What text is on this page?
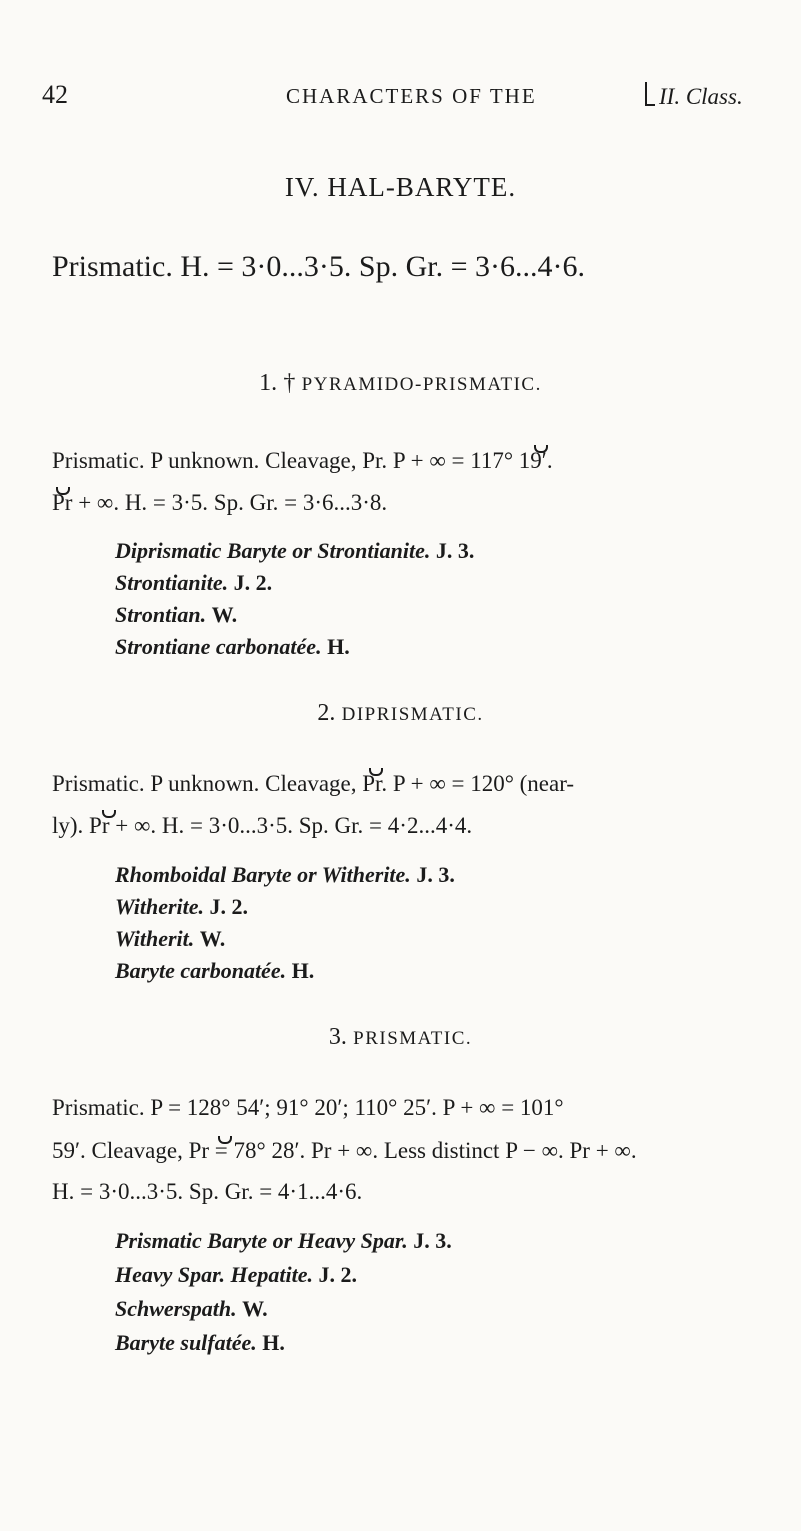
42	CHARACTERS OF THE	II. Class.
IV. HAL-BARYTE.
Prismatic. H. = 3·0...3·5. Sp. Gr. = 3·6...4·6.
1. † PYRAMIDO-PRISMATIC.
Prismatic. P unknown. Cleavage, Pr. P + ∞ = 117° 19′.
Pr + ∞. H. = 3·5. Sp. Gr. = 3·6...3·8.
Diprismatic Baryte or Strontianite. J. 3.
Strontianite. J. 2.
Strontian. W.
Strontiane carbonatée. H.
2. DIPRISMATIC.
Prismatic. P unknown. Cleavage, Pr. P + ∞ = 120° (near-
ly). Pr + ∞. H. = 3·0...3·5. Sp. Gr. = 4·2...4·4.
Rhomboidal Baryte or Witherite. J. 3.
Witherite. J. 2.
Witherit. W.
Baryte carbonatée. H.
3. PRISMATIC.
Prismatic. P = 128° 54′; 91° 20′; 110° 25′. P + ∞ = 101°
59′. Cleavage, Pr = 78° 28′. Pr + ∞. Less distinct P − ∞. Pr + ∞.
H. = 3·0...3·5. Sp. Gr. = 4·1...4·6.
Prismatic Baryte or Heavy Spar. J. 3.
Heavy Spar. Hepatite. J. 2.
Schwerspath. W.
Baryte sulfatée. H.
